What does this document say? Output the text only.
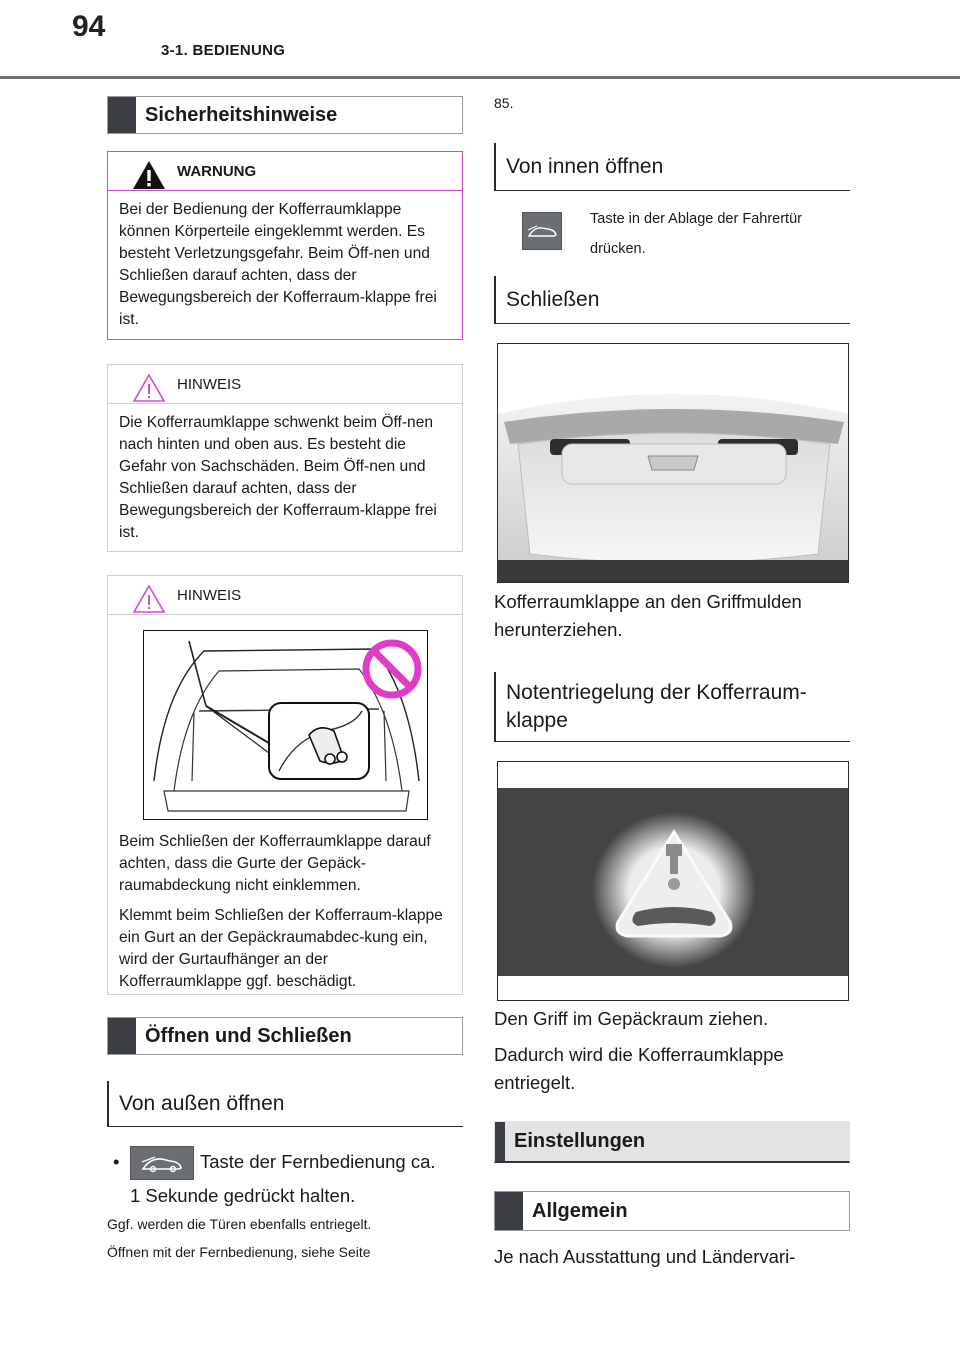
94
3-1. BEDIENUNG
Sicherheitshinweise
WARNUNG

Bei der Bedienung der Kofferraumklappe können Körperteile eingeklemmt werden. Es besteht Verletzungsgefahr. Beim Öff-nen und Schließen darauf achten, dass der Bewegungsbereich der Kofferraum-klappe frei ist.

HINWEIS

Die Kofferraumklappe schwenkt beim Öff-nen nach hinten und oben aus. Es besteht die Gefahr von Sachschäden. Beim Öff-nen und Schließen darauf achten, dass der Bewegungsbereich der Kofferraum-klappe frei ist.

HINWEIS

Beim Schließen der Kofferraumklappe darauf achten, dass die Gurte der Gepäck-raumabdeckung nicht einklemmen.

Klemmt beim Schließen der Kofferraum-klappe ein Gurt an der Gepäckraumabdec-kung ein, wird der Gurtaufhänger an der Kofferraumklappe ggf. beschädigt.

Öffnen und Schließen
Von außen öffnen
•	Taste der Fernbedienung ca.
1 Sekunde gedrückt halten.
Ggf. werden die Türen ebenfalls entriegelt.
Öffnen mit der Fernbedienung, siehe Seite
85.
Von innen öffnen
Taste in der Ablage der Fahrertür
drücken.
Schließen
Kofferraumklappe an den Griffmulden
herunterziehen.
Notentriegelung der Kofferraum-
klappe
Den Griff im Gepäckraum ziehen.
Dadurch wird die Kofferraumklappe
entriegelt.
Einstellungen
Allgemein
Je nach Ausstattung und Ländervari-
